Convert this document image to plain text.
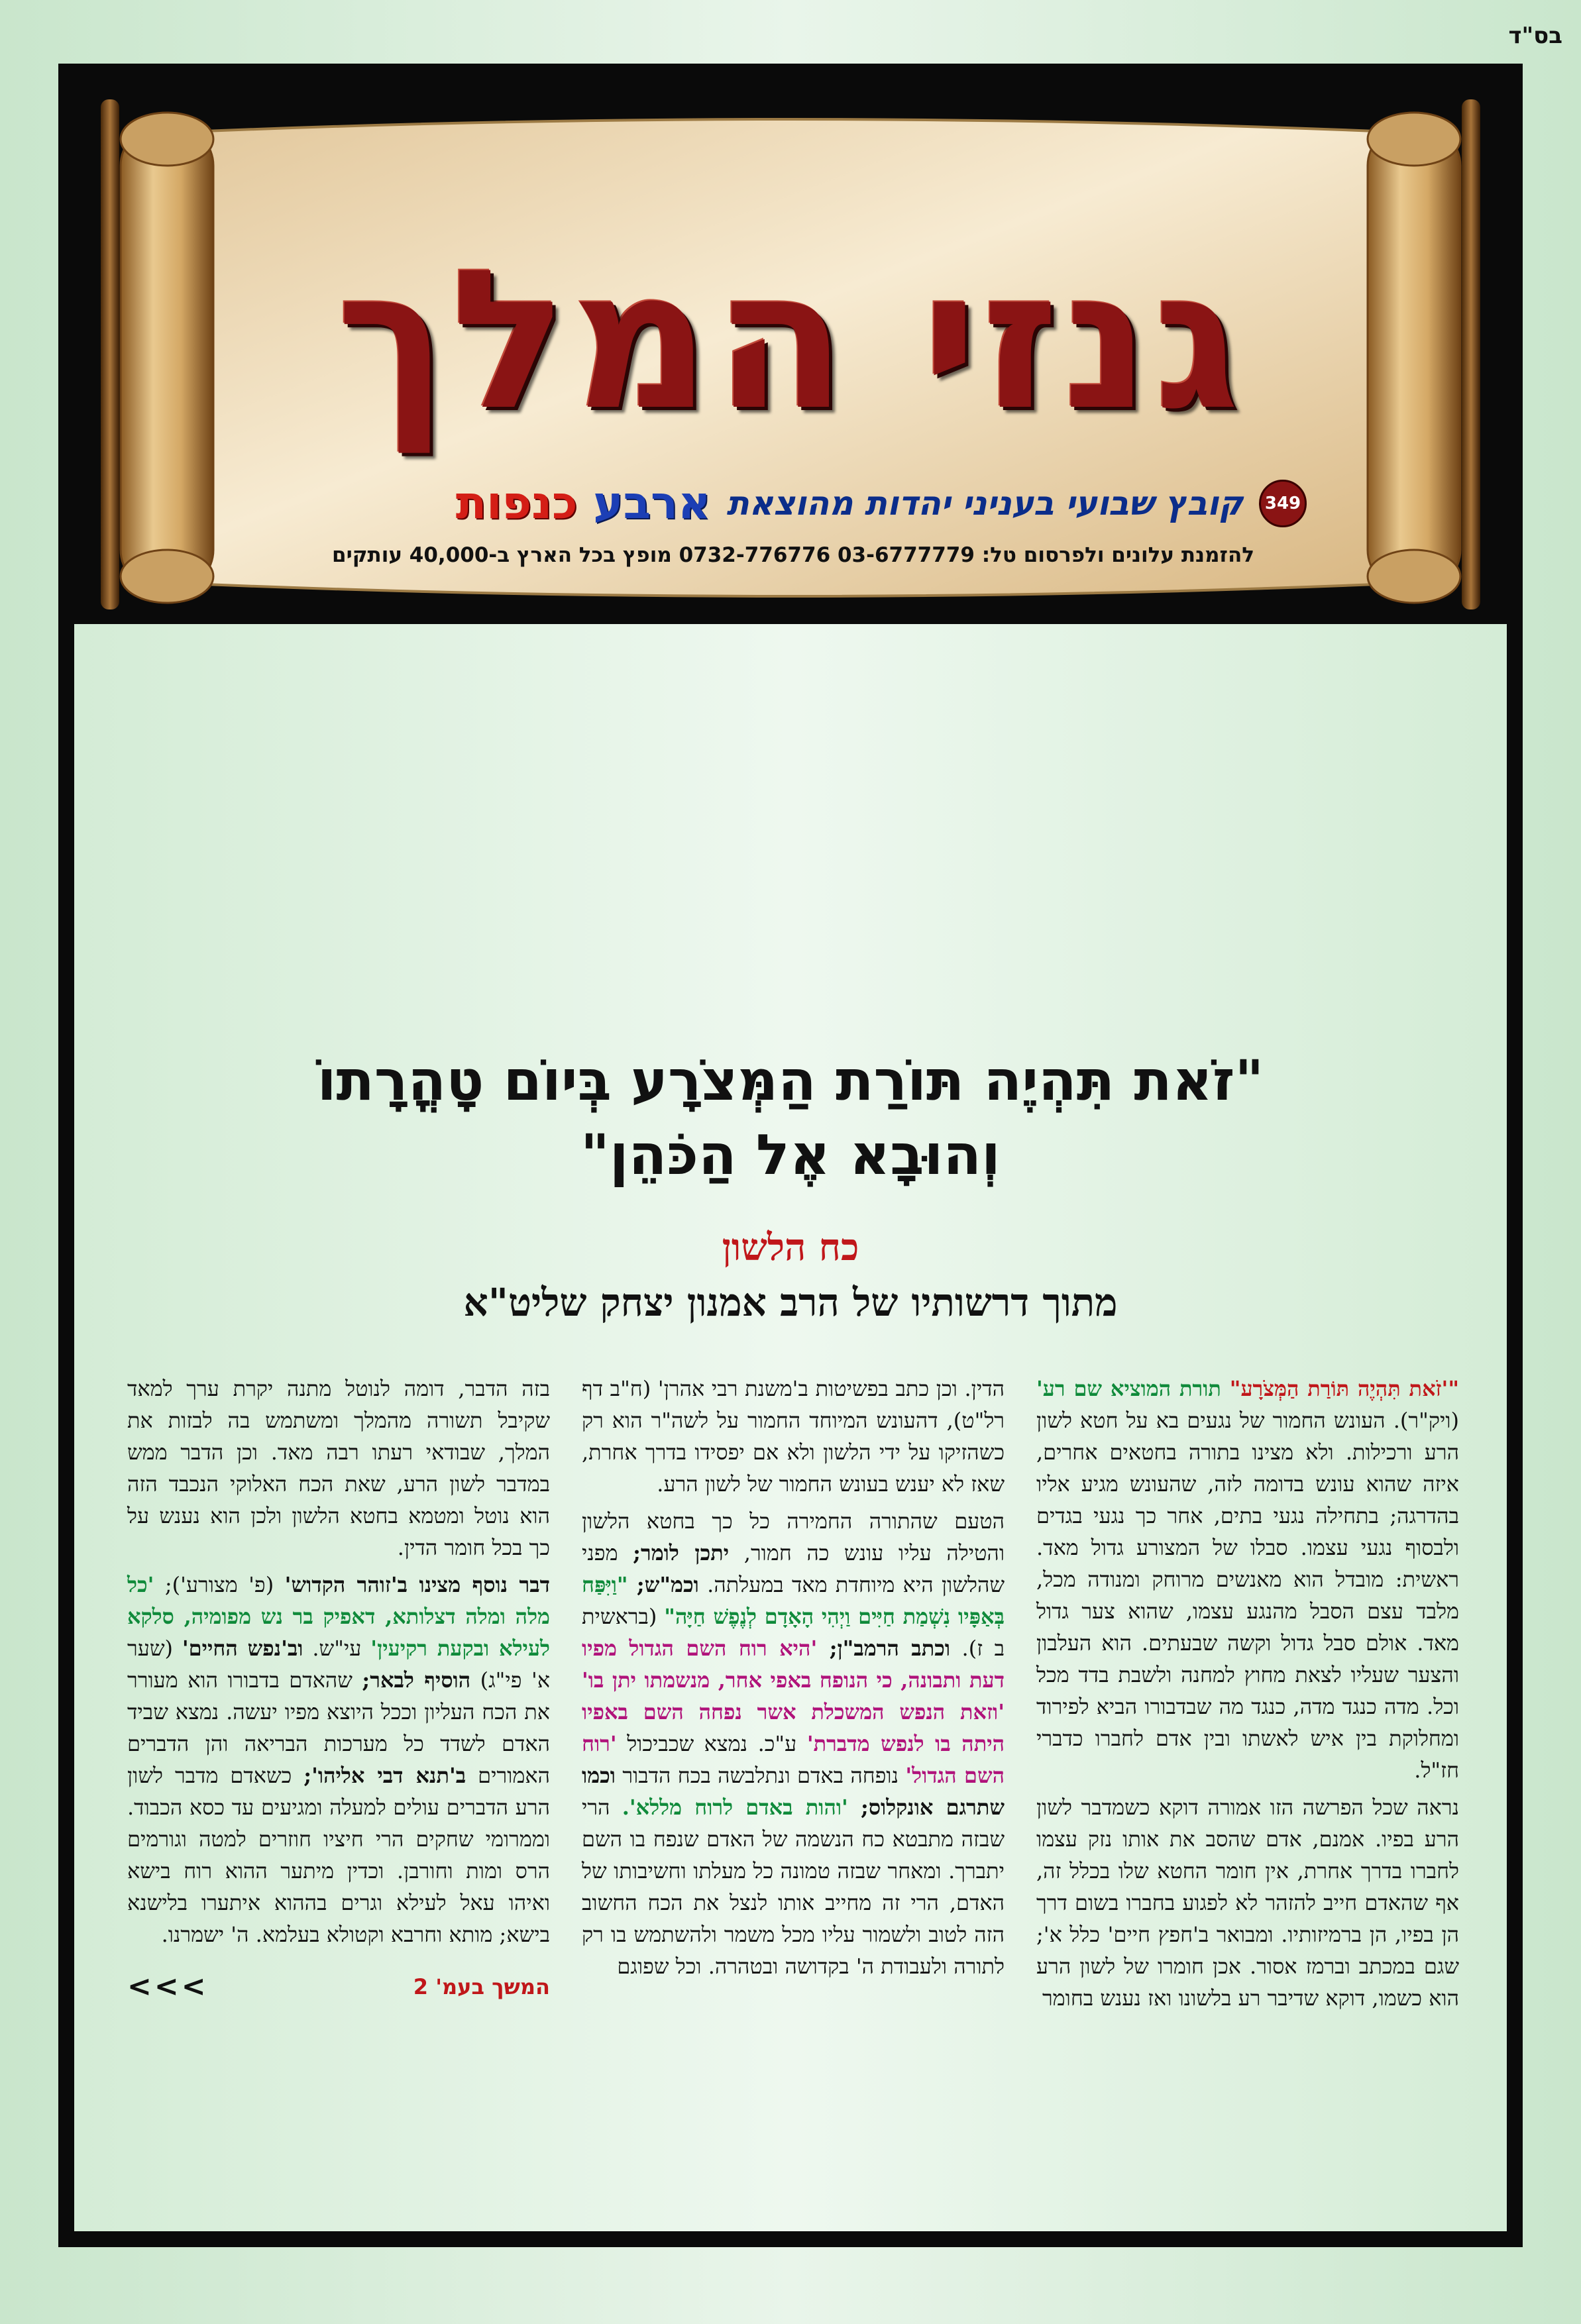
בס"ד
גנזי המלך
349
קובץ שבועי בעניני יהדות מהוצאת
ארבע כנפות
להזמנת עלונים ולפרסום טל: 03-6777779 0732-776776 מופץ בכל הארץ ב-40,000 עותקים
"זֹאת תִּהְיֶה תּוֹרַת הַמְּצֹרָע בְּיוֹם טָהֳרָתוֹ
וְהוּבָא אֶל הַכֹּהֵן"
כח הלשון
מתוך דרשותיו של הרב אמנון יצחק שליט"א

"'זֹאת תִּהְיֶה תּוֹרַת הַמְּצֹרָע" תורת המוציא שם רע' (ויק"ר). העונש החמור של נגעים בא על חטא לשון הרע ורכילות. ולא מצינו בתורה בחטאים אחרים, איזה שהוא עונש בדומה לזה, שהעונש מגיע אליו בהדרגה; בתחילה נגעי בתים, אחר כך נגעי בגדים ולבסוף נגעי עצמו. סבלו של המצורע גדול מאד. ראשית: מובדל הוא מאנשים מרוחק ומנודה מכל, מלבד עצם הסבל מהנגע עצמו, שהוא צער גדול מאד. אולם סבל גדול וקשה שבעתים. הוא העלבון והצער שעליו לצאת מחוץ למחנה ולשבת בדד מכל וכל. מדה כנגד מדה, כנגד מה שבדבורו הביא לפירוד ומחלוקת בין איש לאשתו ובין אדם לחברו כדברי חז"ל.

נראה שכל הפרשה הזו אמורה דוקא כשמדבר לשון הרע בפיו. אמנם, אדם שהסב את אותו נזק עצמו לחברו בדרך אחרת, אין חומר החטא שלו בכלל זה, אף שהאדם חייב להזהר לא לפגוע בחברו בשום דרך הן בפיו, הן ברמיזותיו. ומבואר ב'חפץ חיים' כלל א'; שגם במכתב וברמז אסור. אכן חומרו של לשון הרע הוא כשמו, דוקא שדיבר רע בלשונו ואז נענש בחומר

הדין. וכן כתב בפשיטות ב'משנת רבי אהרן' (ח"ב דף רל"ט), דהעונש המיוחד החמור על לשה"ר הוא רק כשהזיקו על ידי הלשון ולא אם יפסידו בדרך אחרת, שאז לא יענש בעונש החמור של לשון הרע.

הטעם שהתורה החמירה כל כך בחטא הלשון והטילה עליו עונש כה חמור, יתכן לומר; מפני שהלשון היא מיוחדת מאד במעלתה. וכמ"ש; "וַיִּפַּח בְּאַפָּיו נִשְׁמַת חַיִּים וַיְהִי הָאָדָם לְנֶפֶשׁ חַיָּה" (בראשית ב ז). וכתב הרמב"ן; 'היא רוח השם הגדול מפיו דעת ותבונה, כי הנופח באפי אחר, מנשמתו יתן בו' 'וזאת הנפש המשכלת אשר נפחה השם באפיו היתה בו לנפש מדברת' ע"כ. נמצא שכביכול 'רוח השם הגדול' נופחה באדם ונתלבשה בכח הדבור וכמו שתרגם אונקלוס; 'והות באדם לרוח מללא'. הרי שבזה מתבטא כח הנשמה של האדם שנפח בו השם יתברך. ומאחר שבזה טמונה כל מעלתו וחשיבותו של האדם, הרי זה מחייב אותו לנצל את הכח החשוב הזה לטוב ולשמור עליו מכל משמר ולהשתמש בו רק לתורה ולעבודת ה' בקדושה ובטהרה. וכל שפוגם

בזה הדבר, דומה לנוטל מתנה יקרת ערך למאד שקיבל תשורה מהמלך ומשתמש בה לבזות את המלך, שבודאי רעתו רבה מאד. וכן הדבר ממש במדבר לשון הרע, שאת הכח האלוקי הנכבד הזה הוא נוטל ומטמא בחטא הלשון ולכן הוא נענש על כך בכל חומר הדין.

דבר נוסף מצינו ב'זוהר הקדוש' (פ' מצורע'); 'כל מלה ומלה דצלותא, דאפיק בר נש מפומיה, סלקא לעילא ובקעת רקיעין' עי"ש. וב'נפש החיים' (שער א' פי"ג) הוסיף לבאר; שהאדם בדבורו הוא מעורר את הכח העליון וככל היוצא מפיו יעשה. נמצא שביד האדם לשדד כל מערכות הבריאה והן הדברים האמורים ב'תנא דבי אליהו'; כשאדם מדבר לשון הרע הדברים עולים למעלה ומגיעים עד כסא הכבוד. וממרומי שחקים הרי חיציו חוזרים למטה וגורמים הרס ומות וחורבן. וכדין מיתער ההוא רוח בישא ואיהו עאל לעילא וגרים בההוא איתערו בלישנא בישא; מותא וחרבא וקטולא בעלמא. ה' ישמרנו.

המשך בעמ' 2
<<<
